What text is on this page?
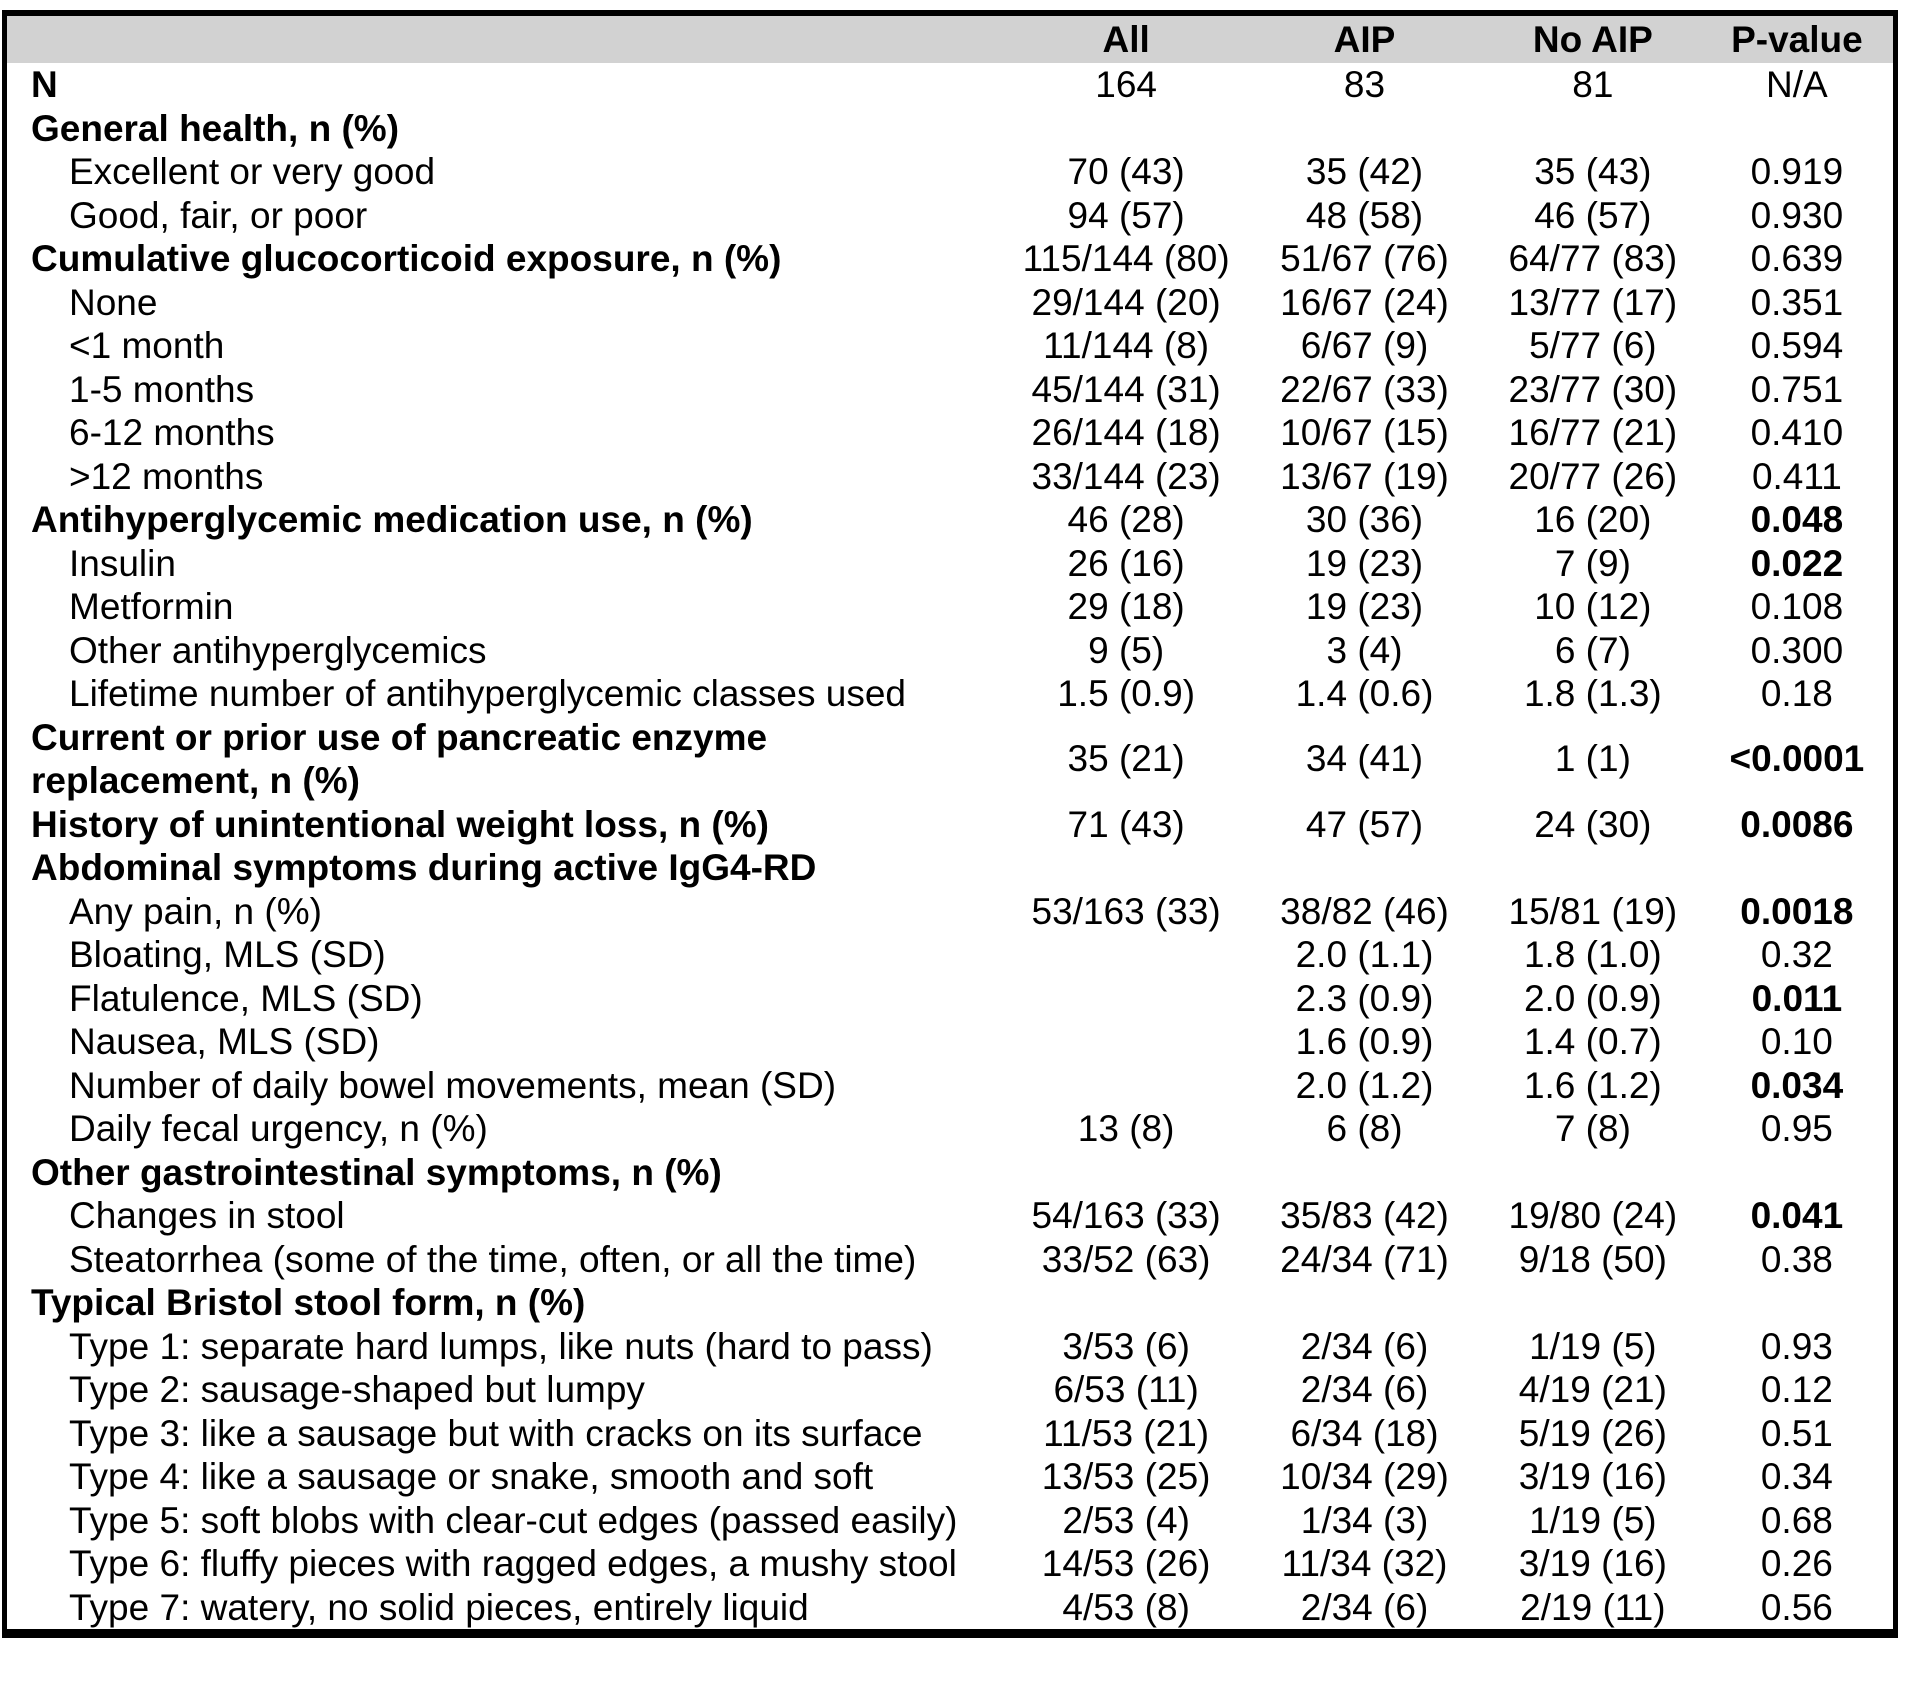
	All	AIP	No AIP	P-value
N	164	83	81	N/A
General health, n (%)				
Excellent or very good	70 (43)	35 (42)	35 (43)	0.919
Good, fair, or poor	94 (57)	48 (58)	46 (57)	0.930
Cumulative glucocorticoid exposure, n (%)	115/144 (80)	51/67 (76)	64/77 (83)	0.639
None	29/144 (20)	16/67 (24)	13/77 (17)	0.351
<1 month	11/144 (8)	6/67 (9)	5/77 (6)	0.594
1-5 months	45/144 (31)	22/67 (33)	23/77 (30)	0.751
6-12 months	26/144 (18)	10/67 (15)	16/77 (21)	0.410
>12 months	33/144 (23)	13/67 (19)	20/77 (26)	0.411
Antihyperglycemic medication use, n (%)	46 (28)	30 (36)	16 (20)	0.048
Insulin	26 (16)	19 (23)	7 (9)	0.022
Metformin	29 (18)	19 (23)	10 (12)	0.108
Other antihyperglycemics	9 (5)	3 (4)	6 (7)	0.300
Lifetime number of antihyperglycemic classes used	1.5 (0.9)	1.4 (0.6)	1.8 (1.3)	0.18
Current or prior use of pancreatic enzyme replacement, n (%)	35 (21)	34 (41)	1 (1)	<0.0001
History of unintentional weight loss, n (%)	71 (43)	47 (57)	24 (30)	0.0086
Abdominal symptoms during active IgG4-RD				
Any pain, n (%)	53/163 (33)	38/82 (46)	15/81 (19)	0.0018
Bloating, MLS (SD)		2.0 (1.1)	1.8 (1.0)	0.32
Flatulence, MLS (SD)		2.3 (0.9)	2.0 (0.9)	0.011
Nausea, MLS (SD)		1.6 (0.9)	1.4 (0.7)	0.10
Number of daily bowel movements, mean (SD)		2.0 (1.2)	1.6 (1.2)	0.034
Daily fecal urgency, n (%)	13 (8)	6 (8)	7 (8)	0.95
Other gastrointestinal symptoms, n (%)				
Changes in stool	54/163 (33)	35/83 (42)	19/80 (24)	0.041
Steatorrhea (some of the time, often, or all the time)	33/52 (63)	24/34 (71)	9/18 (50)	0.38
Typical Bristol stool form, n (%)				
Type 1: separate hard lumps, like nuts (hard to pass)	3/53 (6)	2/34 (6)	1/19 (5)	0.93
Type 2: sausage-shaped but lumpy	6/53 (11)	2/34 (6)	4/19 (21)	0.12
Type 3: like a sausage but with cracks on its surface	11/53 (21)	6/34 (18)	5/19 (26)	0.51
Type 4: like a sausage or snake, smooth and soft	13/53 (25)	10/34 (29)	3/19 (16)	0.34
Type 5: soft blobs with clear-cut edges (passed easily)	2/53 (4)	1/34 (3)	1/19 (5)	0.68
Type 6: fluffy pieces with ragged edges, a mushy stool	14/53 (26)	11/34 (32)	3/19 (16)	0.26
Type 7: watery, no solid pieces, entirely liquid	4/53 (8)	2/34 (6)	2/19 (11)	0.56
